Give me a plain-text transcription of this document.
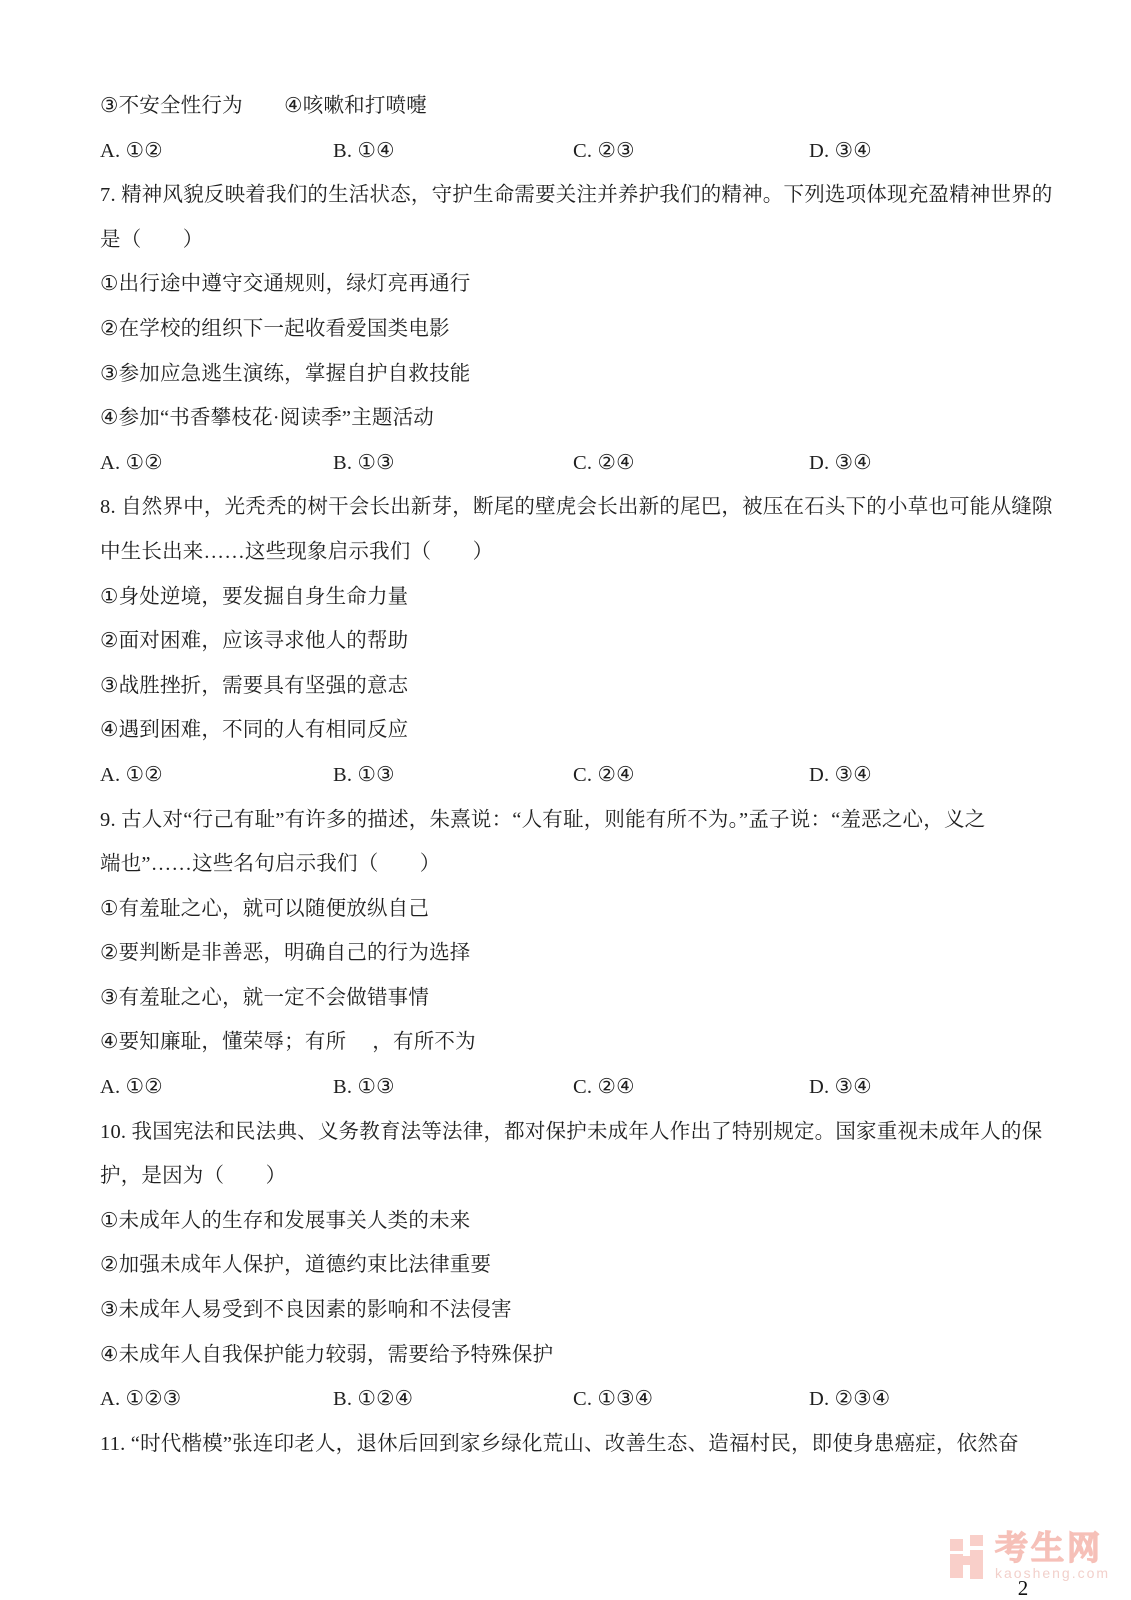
③不安全性行为　　④咳嗽和打喷嚏
A. ①②	B. ①④	C. ②③	D. ③④
7. 精神风貌反映着我们的生活状态，守护生命需要关注并养护我们的精神。下列选项体现充盈精神世界的
是（　　）
①出行途中遵守交通规则，绿灯亮再通行
②在学校的组织下一起收看爱国类电影
③参加应急逃生演练，掌握自护自救技能
④参加“书香攀枝花·阅读季”主题活动
A. ①②	B. ①③	C. ②④	D. ③④
8. 自然界中，光秃秃的树干会长出新芽，断尾的壁虎会长出新的尾巴，被压在石头下的小草也可能从缝隙
中生长出来……这些现象启示我们（　　）
①身处逆境，要发掘自身生命力量
②面对困难，应该寻求他人的帮助
③战胜挫折，需要具有坚强的意志
④遇到困难，不同的人有相同反应
A. ①②	B. ①③	C. ②④	D. ③④
9. 古人对“行己有耻”有许多的描述，朱熹说：“人有耻，则能有所不为。”孟子说：“羞恶之心，义之
端也”……这些名句启示我们（　　）
①有羞耻之心，就可以随便放纵自己
②要判断是非善恶，明确自己的行为选择
③有羞耻之心，就一定不会做错事情
④要知廉耻，懂荣辱；有所　 ，有所不为
A. ①②	B. ①③	C. ②④	D. ③④
10. 我国宪法和民法典、义务教育法等法律，都对保护未成年人作出了特别规定。国家重视未成年人的保
护，是因为（　　）
①未成年人的生存和发展事关人类的未来
②加强未成年人保护，道德约束比法律重要
③未成年人易受到不良因素的影响和不法侵害
④未成年人自我保护能力较弱，需要给予特殊保护
A. ①②③	B. ①②④	C. ①③④	D. ②③④
11. “时代楷模”张连印老人，退休后回到家乡绿化荒山、改善生态、造福村民，即使身患癌症，依然奋
考生网
kaosheng.com
2
